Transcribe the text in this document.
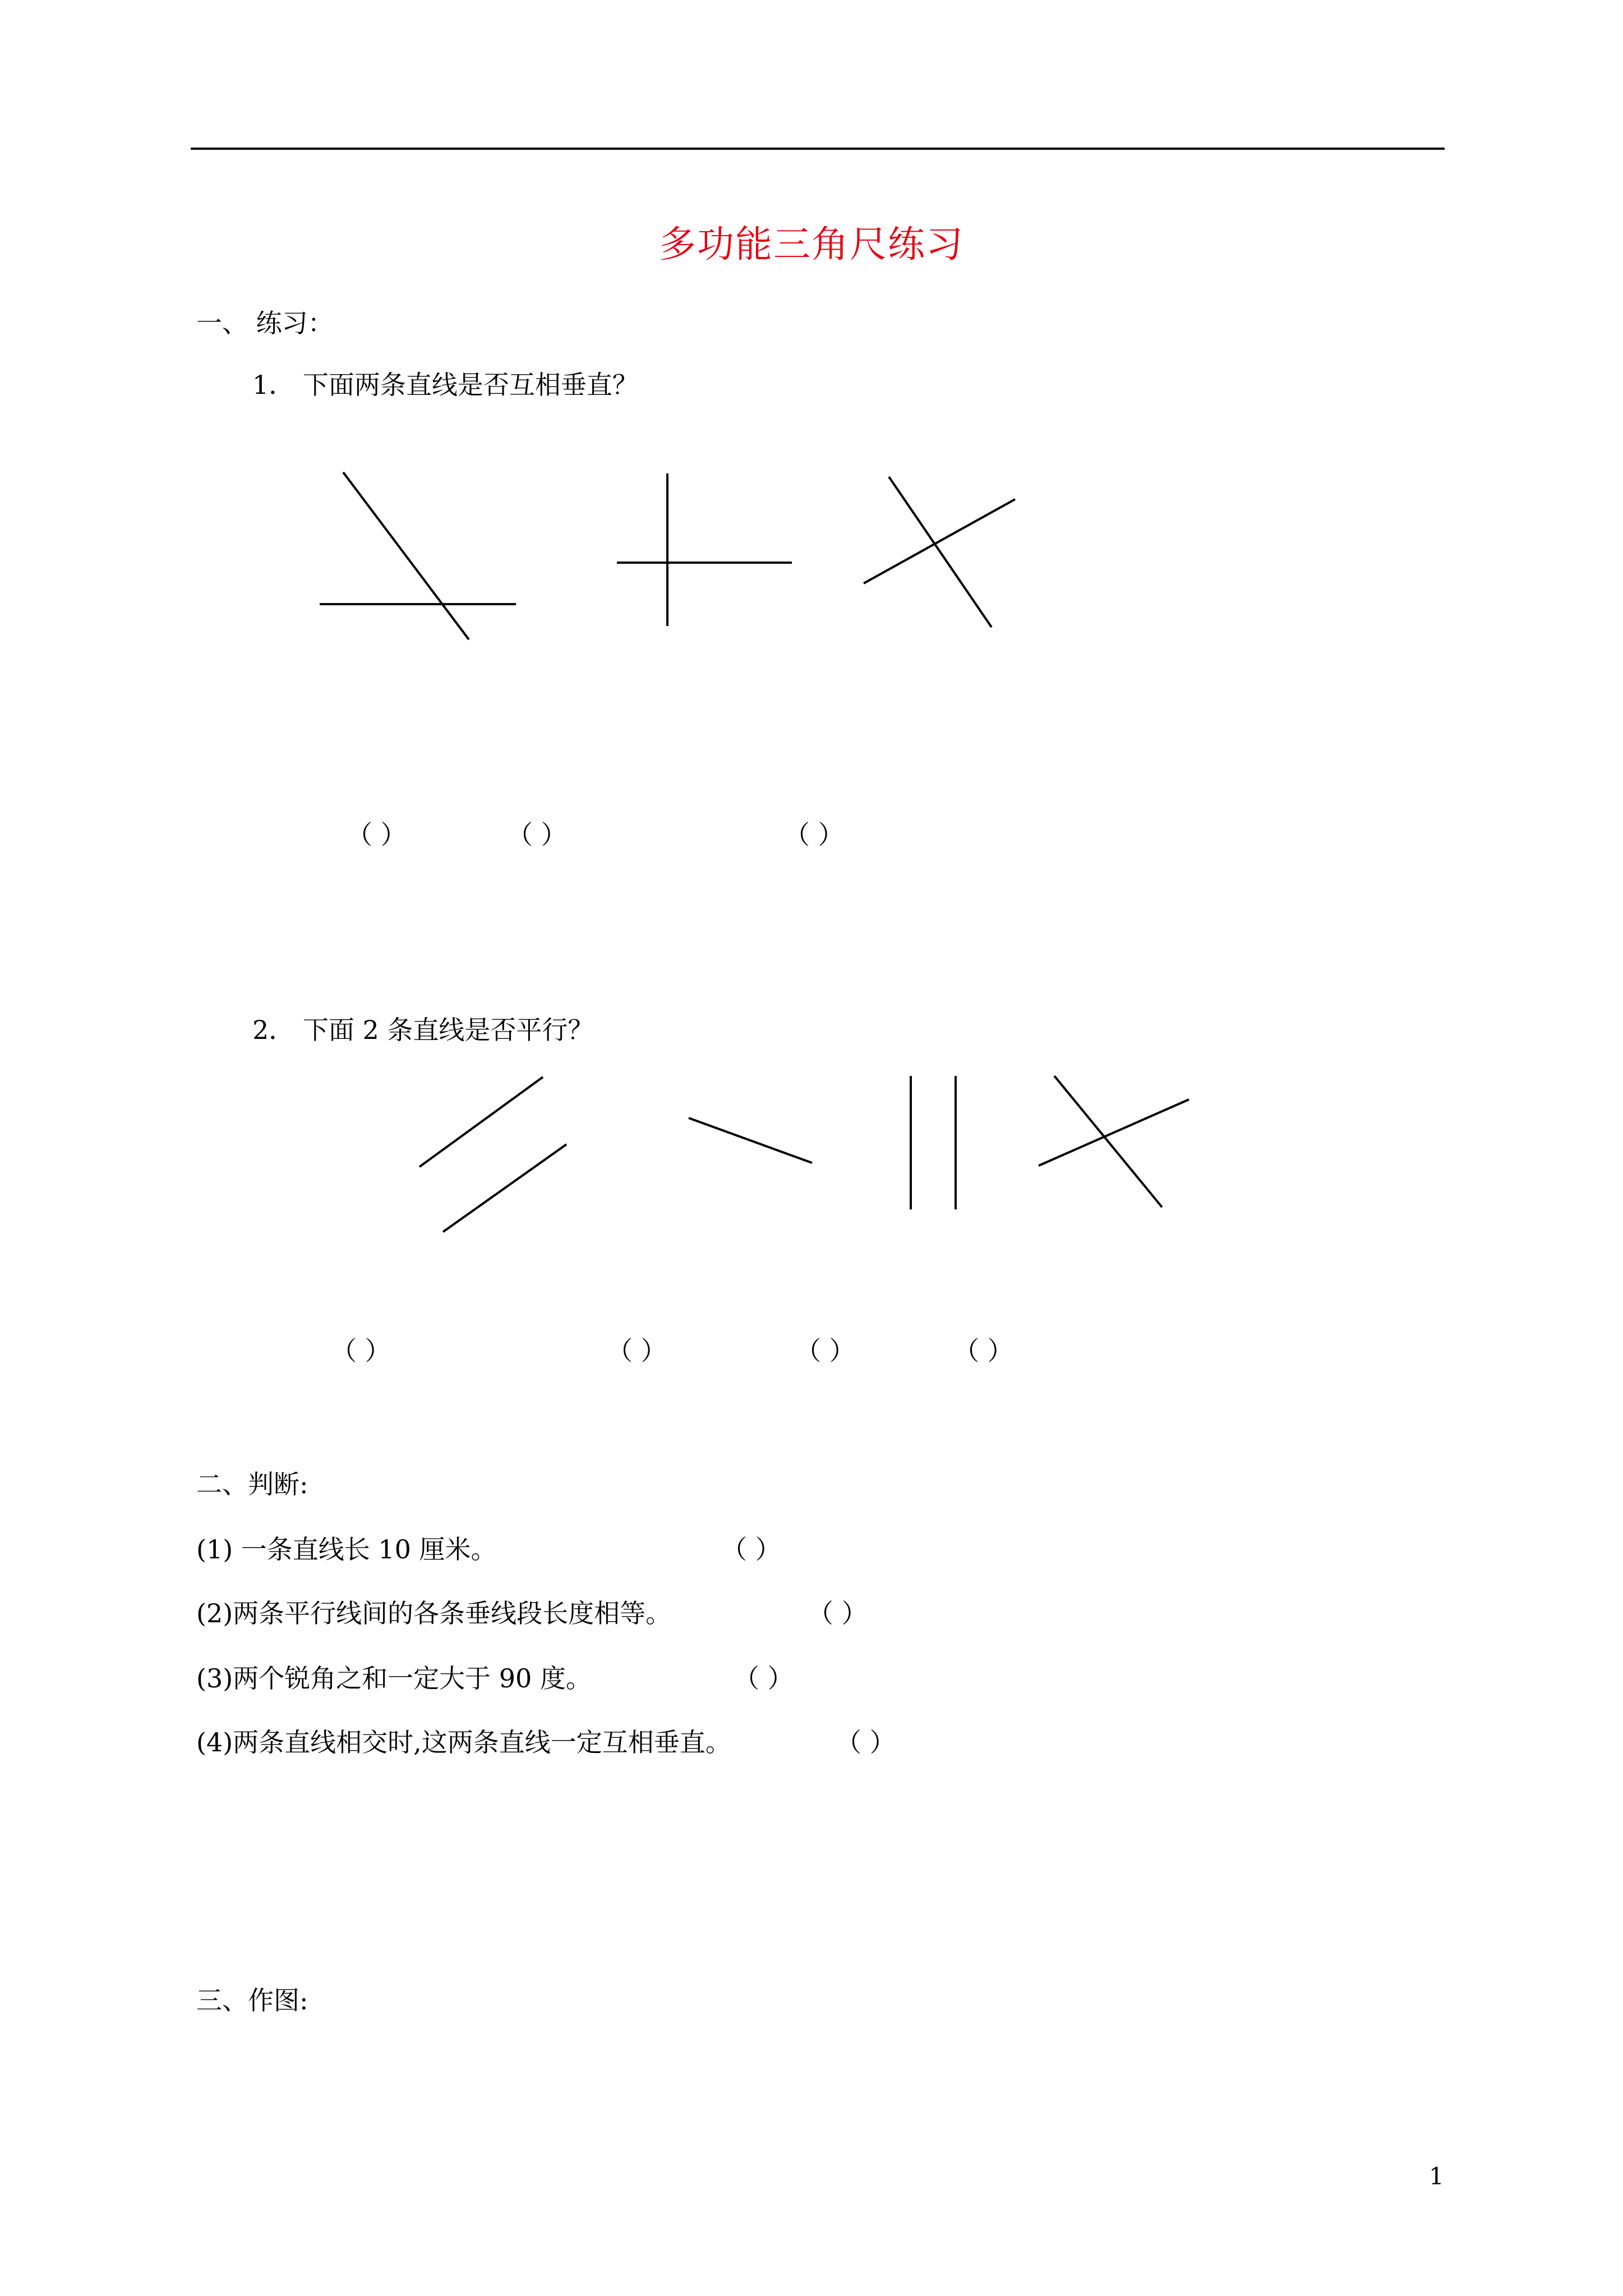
多功能三角尺练习
一、 练习：
1． 下面两条直线是否互相垂直？
（ ）	（ ）	（ ）
2． 下面 2 条直线是否平行？
（ ）	（ ）	（ ）	（ ）
二、判断:
(1) 一条直线长 10 厘米。	（ ）
(2)两条平行线间的各条垂线段长度相等。	（ ）
(3)两个锐角之和一定大于 90 度。	（ ）
(4)两条直线相交时,这两条直线一定互相垂直。	（ ）
三、作图:
1
